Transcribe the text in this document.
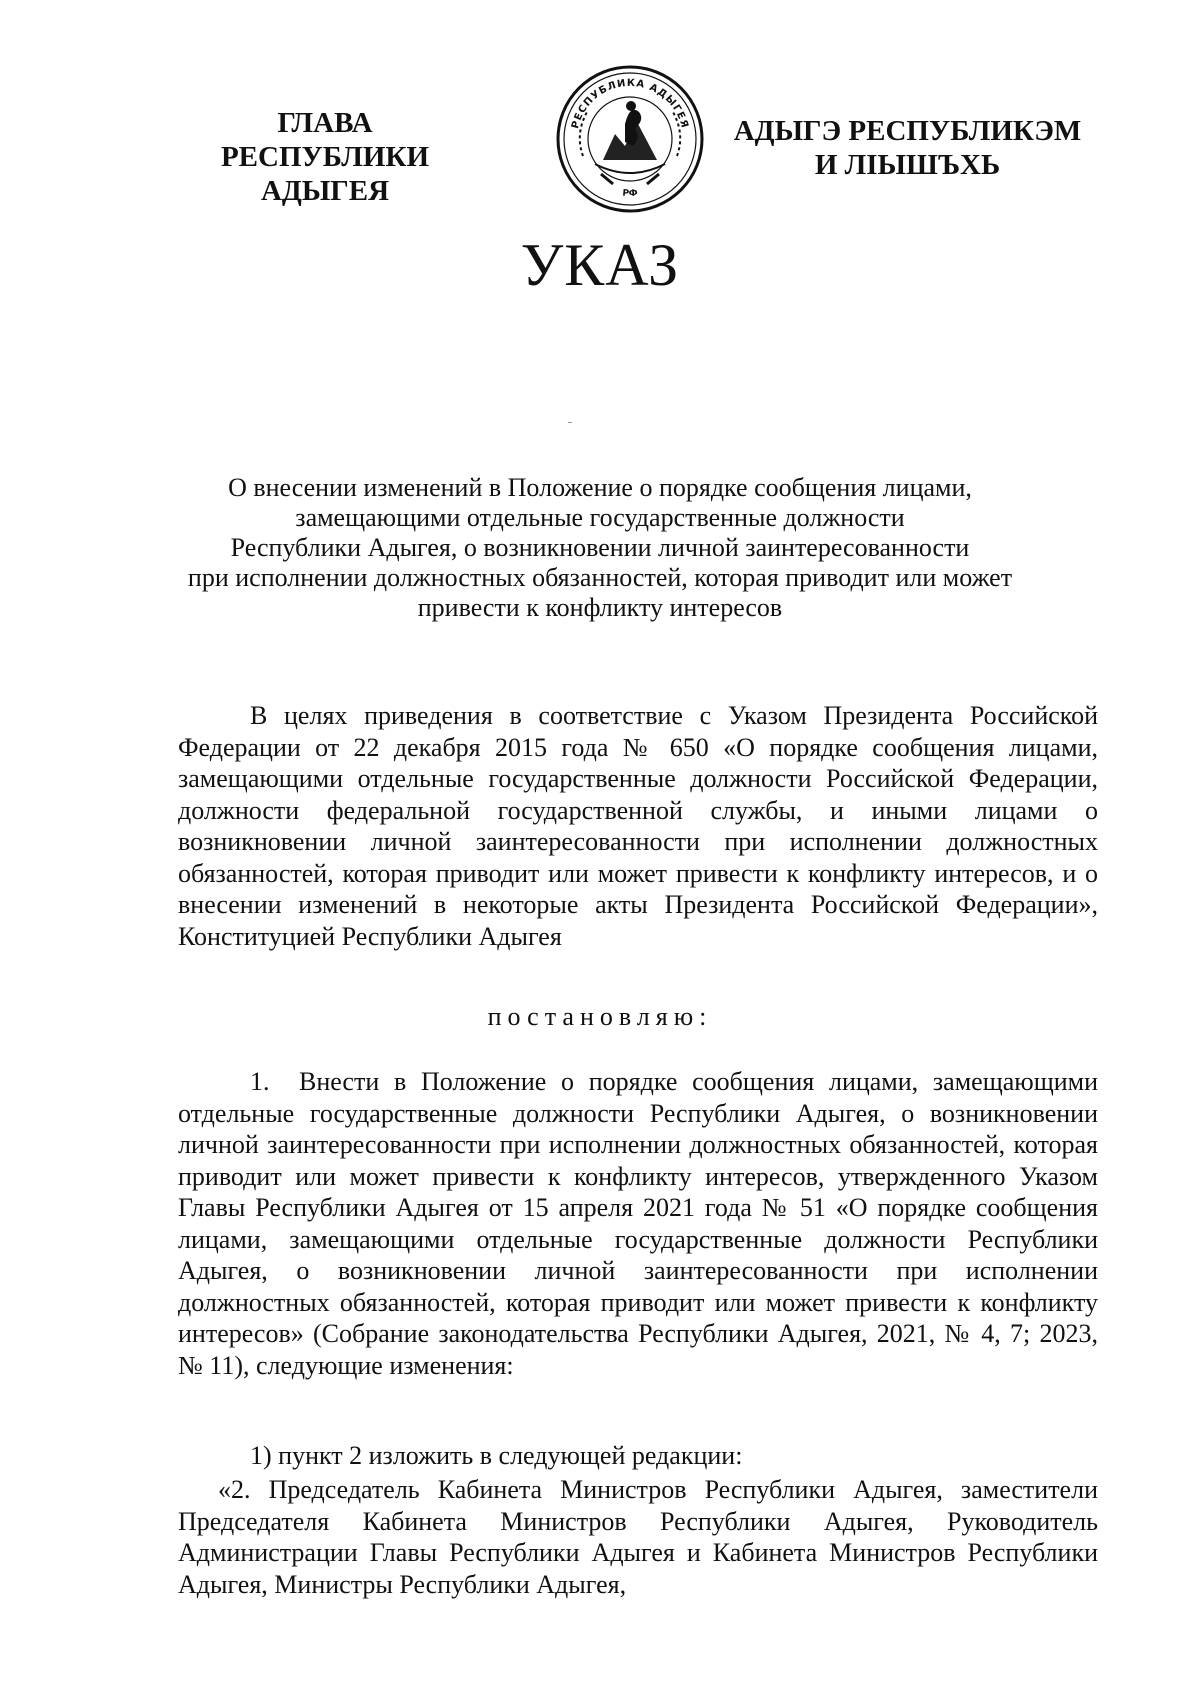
ГЛАВА
РЕСПУБЛИКИ АДЫГЕЯ
РЕСПУБЛИКА АДЫГЕЯ
РФ
АДЫГЭ РЕСПУБЛИКЭМ
И ЛІЫШЪХЬ
УКАЗ
О внесении изменений в Положение о порядке сообщения лицами,
замещающими отдельные государственные должности
Республики Адыгея, о возникновении личной заинтересованности
при исполнении должностных обязанностей, которая приводит или может
привести к конфликту интересов

В целях приведения в соответствие с Указом Президента Российской Федерации от 22 декабря 2015 года № 650 «О порядке сообщения лицами, замещающими отдельные государственные должности Российской Федерации, должности федеральной государственной службы, и иными лицами о возникновении личной заинтересованности при исполнении должностных обязанностей, которая приводит или может привести к конфликту интересов, и о внесении изменений в некоторые акты Президента Российской Федерации», Конституцией Республики Адыгея

постановляю:

1. Внести в Положение о порядке сообщения лицами, замещающими отдельные государственные должности Республики Адыгея, о возникновении личной заинтересованности при исполнении должностных обязанностей, которая приводит или может привести к конфликту интересов, утвержденного Указом Главы Республики Адыгея от 15 апреля 2021 года № 51 «О порядке сообщения лицами, замещающими отдельные государственные должности Республики Адыгея, о возникновении личной заинтересованности при исполнении должностных обязанностей, которая приводит или может привести к конфликту интересов» (Собрание законодательства Республики Адыгея, 2021, № 4, 7; 2023, № 11), следующие изменения:

1) пункт 2 изложить в следующей редакции:

«2. Председатель Кабинета Министров Республики Адыгея, заместители Председателя Кабинета Министров Республики Адыгея, Руководитель Администрации Главы Республики Адыгея и Кабинета Министров Республики Адыгея, Министры Республики Адыгея,
